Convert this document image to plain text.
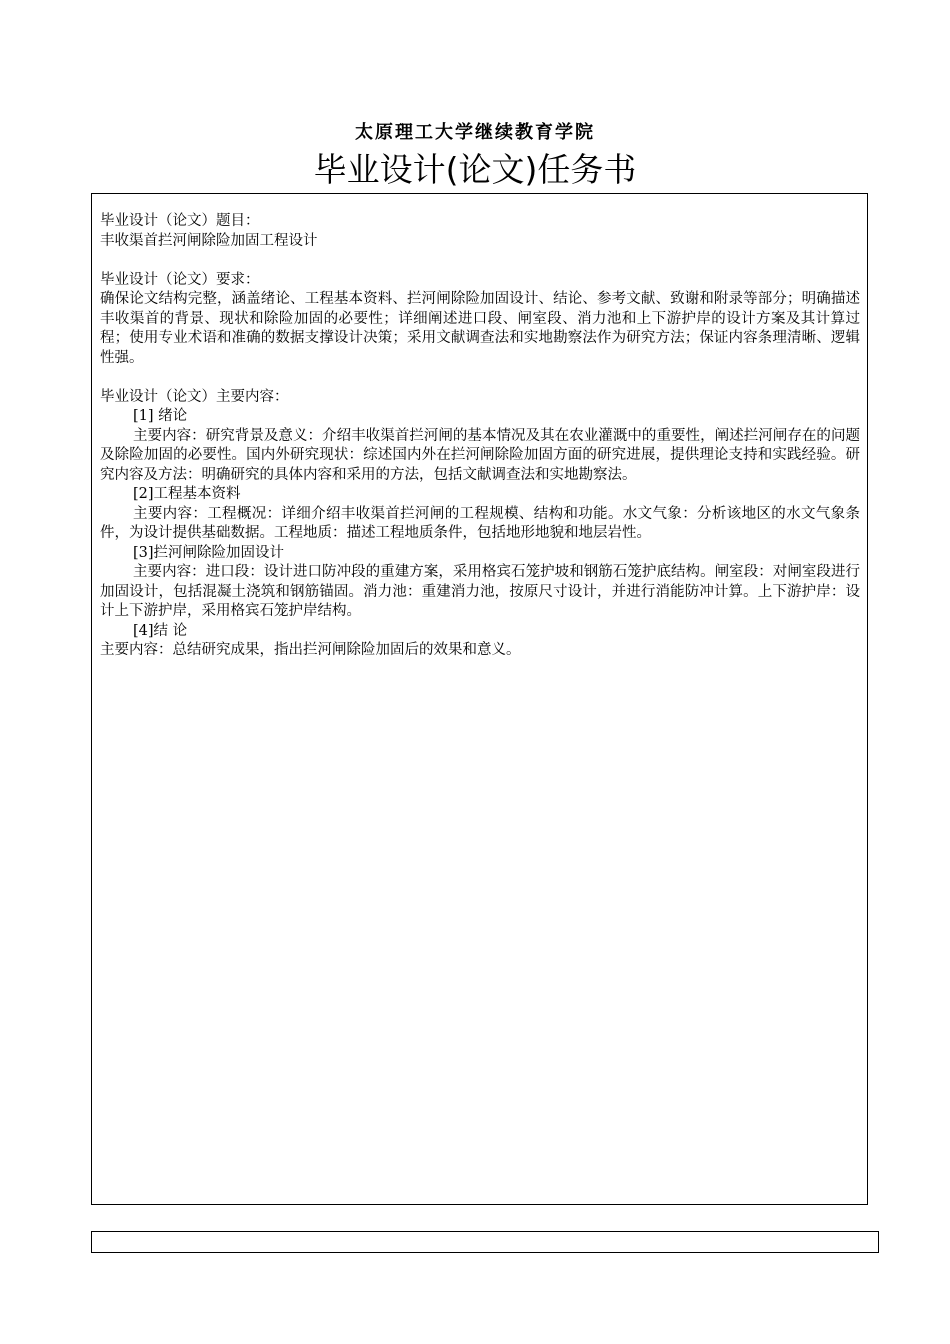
太原理工大学继续教育学院
毕业设计(论文)任务书

毕业设计（论文）题目：

丰收渠首拦河闸除险加固工程设计

毕业设计（论文）要求：

确保论文结构完整，涵盖绪论、工程基本资料、拦河闸除险加固设计、结论、参考文献、致谢和附录等部分；明确描述丰收渠首的背景、现状和除险加固的必要性；详细阐述进口段、闸室段、消力池和上下游护岸的设计方案及其计算过程；使用专业术语和准确的数据支撑设计决策；采用文献调查法和实地勘察法作为研究方法；保证内容条理清晰、逻辑性强。

毕业设计（论文）主要内容：

[1] 绪论

主要内容：研究背景及意义：介绍丰收渠首拦河闸的基本情况及其在农业灌溉中的重要性，阐述拦河闸存在的问题及除险加固的必要性。国内外研究现状：综述国内外在拦河闸除险加固方面的研究进展，提供理论支持和实践经验。研究内容及方法：明确研究的具体内容和采用的方法，包括文献调查法和实地勘察法。

[2]工程基本资料

主要内容：工程概况：详细介绍丰收渠首拦河闸的工程规模、结构和功能。水文气象：分析该地区的水文气象条件，为设计提供基础数据。工程地质：描述工程地质条件，包括地形地貌和地层岩性。

[3]拦河闸除险加固设计

主要内容：进口段：设计进口防冲段的重建方案，采用格宾石笼护坡和钢筋石笼护底结构。闸室段：对闸室段进行加固设计，包括混凝土浇筑和钢筋锚固。消力池：重建消力池，按原尺寸设计，并进行消能防冲计算。上下游护岸：设计上下游护岸，采用格宾石笼护岸结构。

[4]结 论

主要内容：总结研究成果，指出拦河闸除险加固后的效果和意义。
